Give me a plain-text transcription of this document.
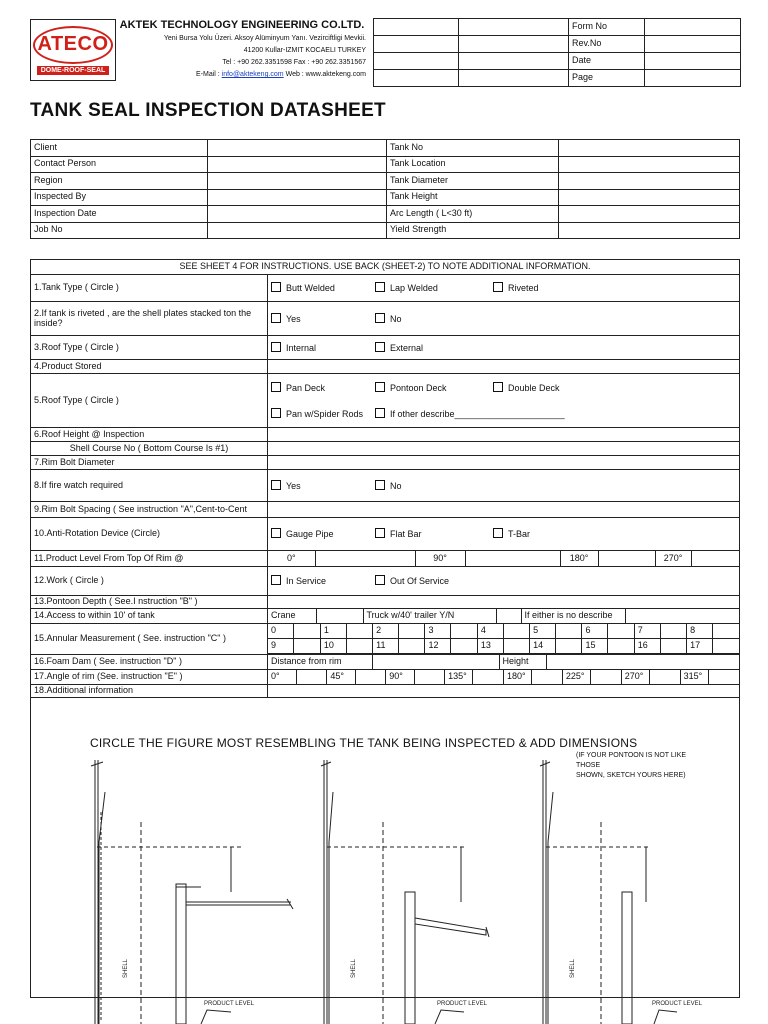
ATECO
DOME-ROOF-SEAL
AKTEK TECHNOLOGY ENGINEERING CO.LTD.
Yeni Bursa Yolu Üzeri. Aksoy Alüminyum Yanı. Vezirciftligi Mevkii.
41200 Kullar-IZMIT KOCAELI TURKEY
Tel : +90 262.3351598 Fax : +90 262.3351567
E-Mail : info@aktekeng.com Web : www.aktekeng.com
		Form No	
		Rev.No	
		Date	
		Page	
TANK SEAL INSPECTION DATASHEET
Client		Tank No	
Contact Person		Tank Location	
Region		Tank Diameter	
Inspected By		Tank Height	
Inspection Date		Arc Length ( L<30 ft)	
Job No		Yield Strength	
SEE SHEET 4 FOR INSTRUCTIONS. USE BACK (SHEET-2) TO NOTE ADDITIONAL INFORMATION.
1.Tank Type ( Circle )	Butt Welded	Lap Welded	Riveted
2.If tank is riveted , are the shell plates stacked ton the inside?	Yes	No
3.Roof Type ( Circle )	Internal	External
4.Product Stored	
5.Roof Type ( Circle )	
Pan Deck	Pontoon Deck	Double Deck
Pan w/Spider Rods	If other describe______________________

6.Roof Height @ Inspection	
Shell Course No ( Bottom Course Is #1)	
7.Rim Bolt Diameter	
8.If fire watch required	Yes	No
9.Rim Bolt Spacing ( See instruction "A",Cent-to-Cent	
10.Anti-Rotation Device (Circle)	Gauge Pipe	Flat Bar	T-Bar
11.Product Level From Top Of Rim @		0°		90°		180°		270°	

12.Work ( Circle )	In Service	Out Of Service
13.Pontoon Depth ( See.I nstruction "B" )	
14.Access to within 10' of tank		Crane		Truck w/40' trailer Y/N		If either is no describe	

15.Annular Measurement ( See. instruction "C" )	
0		1		2		3		4		5		6		7		8	
9		10		11		12		13		14		15		16		17	

16.Foam Dam ( See. instruction "D" )		Distance from rim		Height	

17.Angle of rim (See. instruction "E" )		0°		45°		90°		135°		180°		225°		270°		315°	

18.Additional information	

CIRCLE THE FIGURE MOST RESEMBLING THE TANK BEING INSPECTED & ADD DIMENSIONS
(IF YOUR PONTOON IS NOT LIKE THOSE
SHOWN, SKETCH YOURS HERE)
PRODUCT LEVEL	PRODUCT LEVEL	PRODUCT LEVEL
SHELL	SHELL	SHELL
